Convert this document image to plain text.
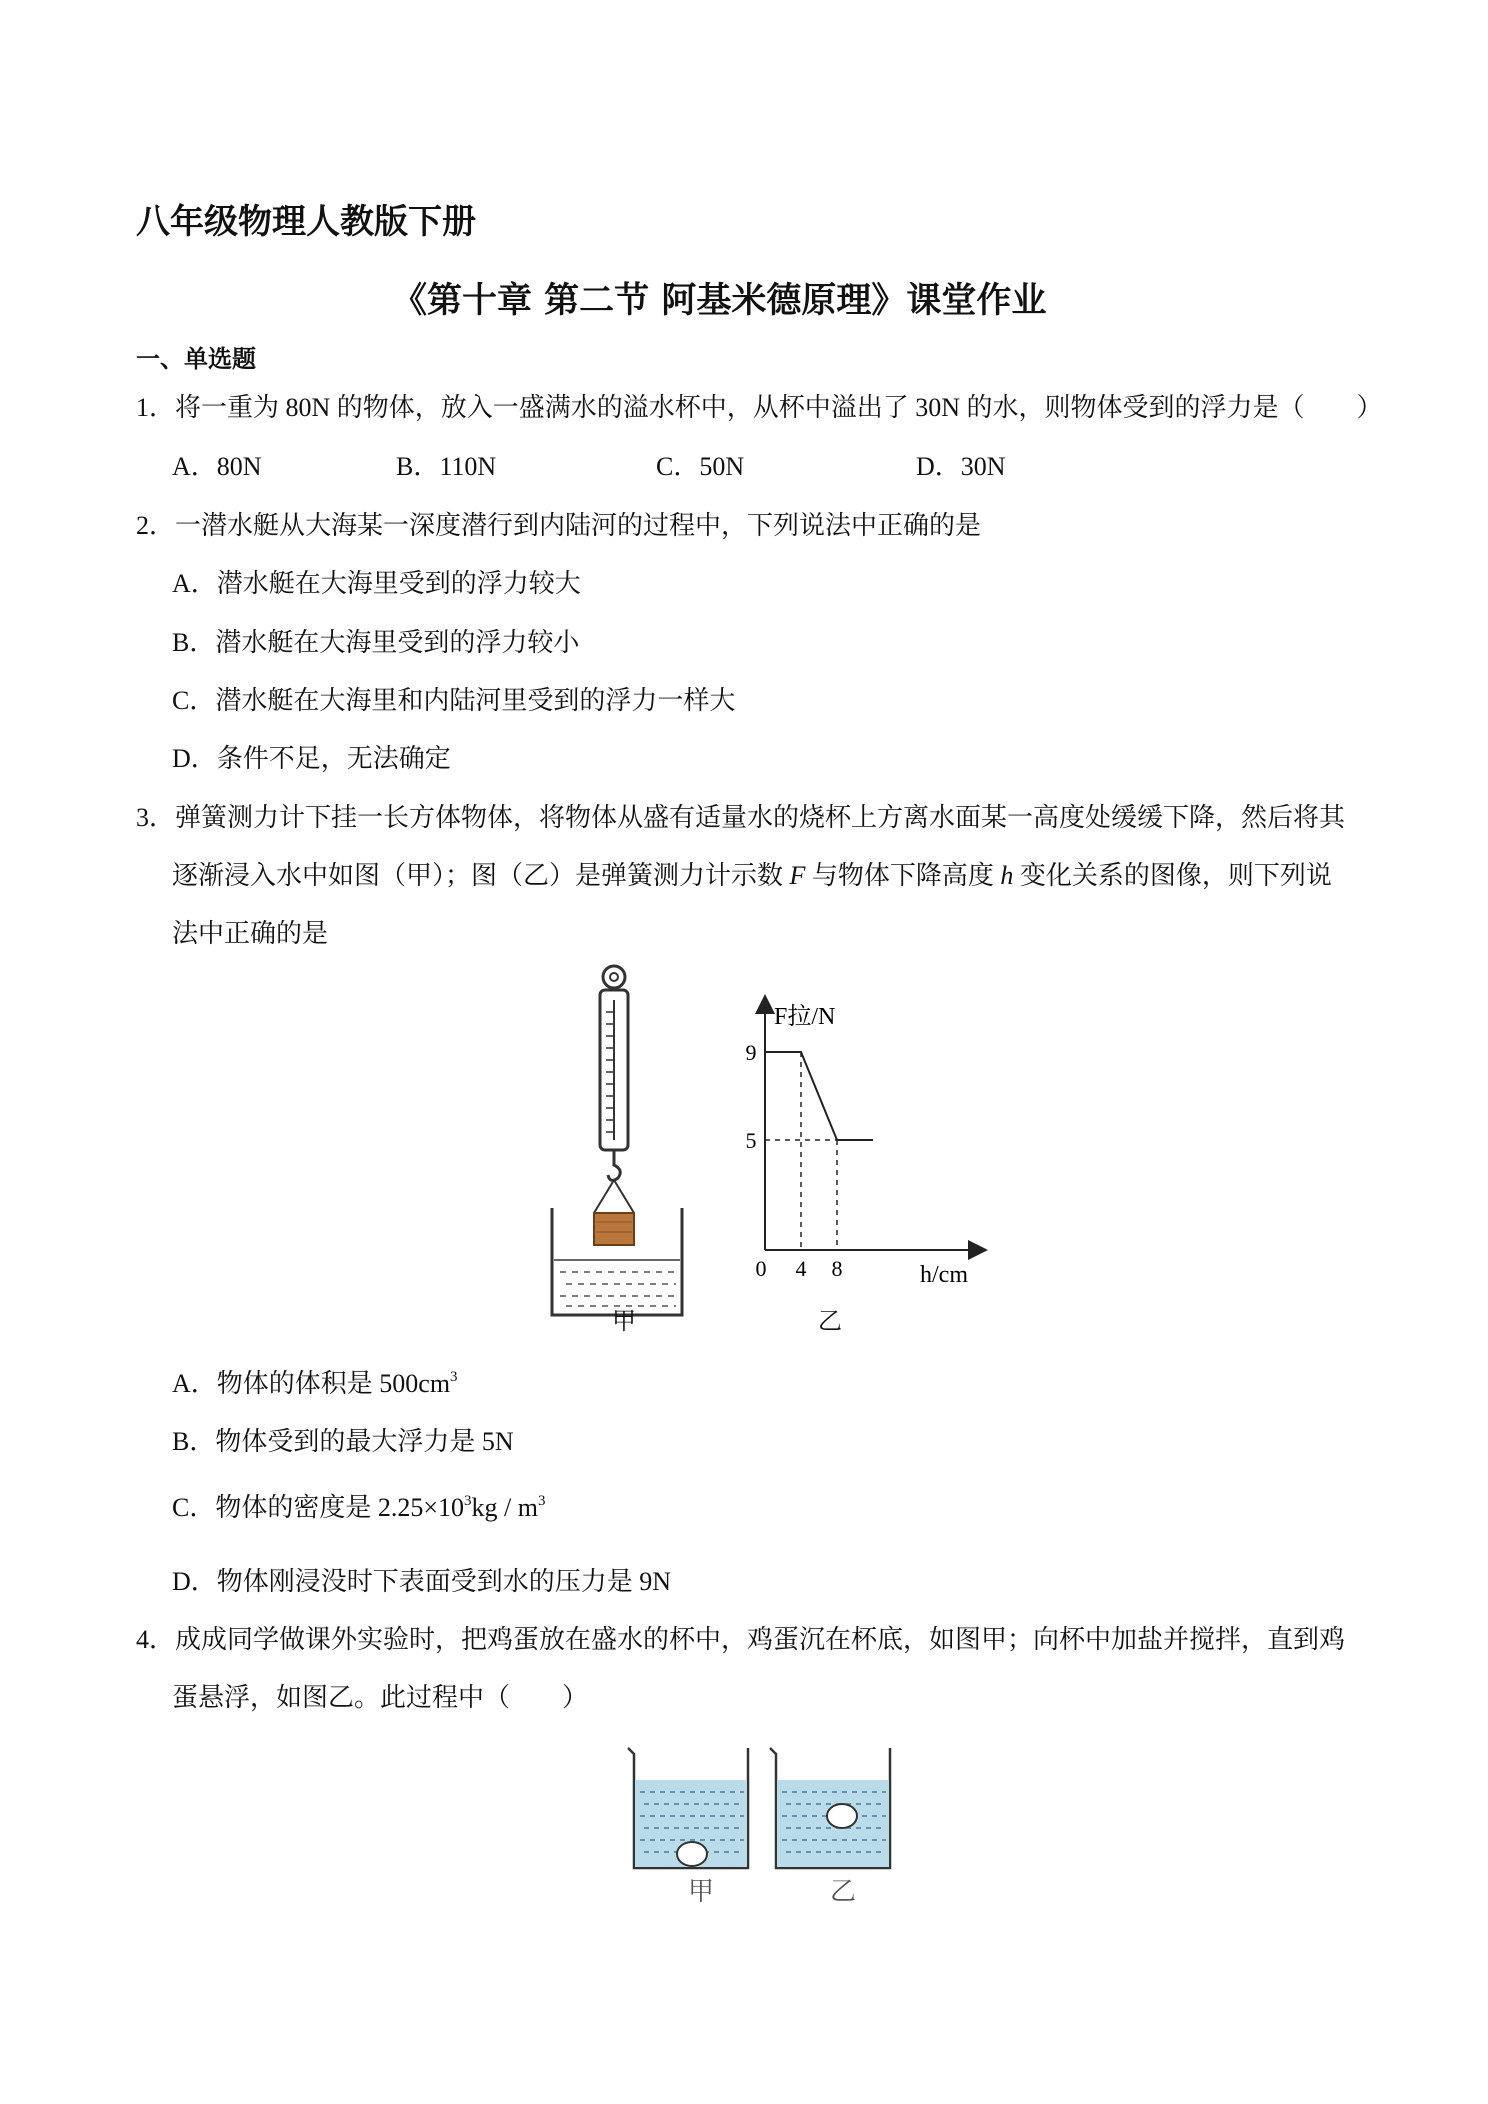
八年级物理人教版下册
《第十章 第二节 阿基米德原理》课堂作业
一、单选题
1．将一重为 80N 的物体，放入一盛满水的溢水杯中，从杯中溢出了 30N 的水，则物体受到的浮力是（　　）
A．80N	B．110N	C．50N	D．30N
2．一潜水艇从大海某一深度潜行到内陆河的过程中，下列说法中正确的是
A．潜水艇在大海里受到的浮力较大
B．潜水艇在大海里受到的浮力较小
C．潜水艇在大海里和内陆河里受到的浮力一样大
D．条件不足，无法确定
3．弹簧测力计下挂一长方体物体，将物体从盛有适量水的烧杯上方离水面某一高度处缓缓下降，然后将其
逐渐浸入水中如图（甲）；图（乙）是弹簧测力计示数 F 与物体下降高度 h 变化关系的图像，则下列说
法中正确的是
甲
F拉/N
9
5
0 4 8	h/cm
乙
A．物体的体积是 $500cm^3$
B．物体受到的最大浮力是 5N
C．物体的密度是 $2.25\times 10^3kg / m^3$
D．物体刚浸没时下表面受到水的压力是 9N
4．成成同学做课外实验时，把鸡蛋放在盛水的杯中，鸡蛋沉在杯底，如图甲；向杯中加盐并搅拌，直到鸡
蛋悬浮，如图乙。此过程中（　　）
甲	乙
